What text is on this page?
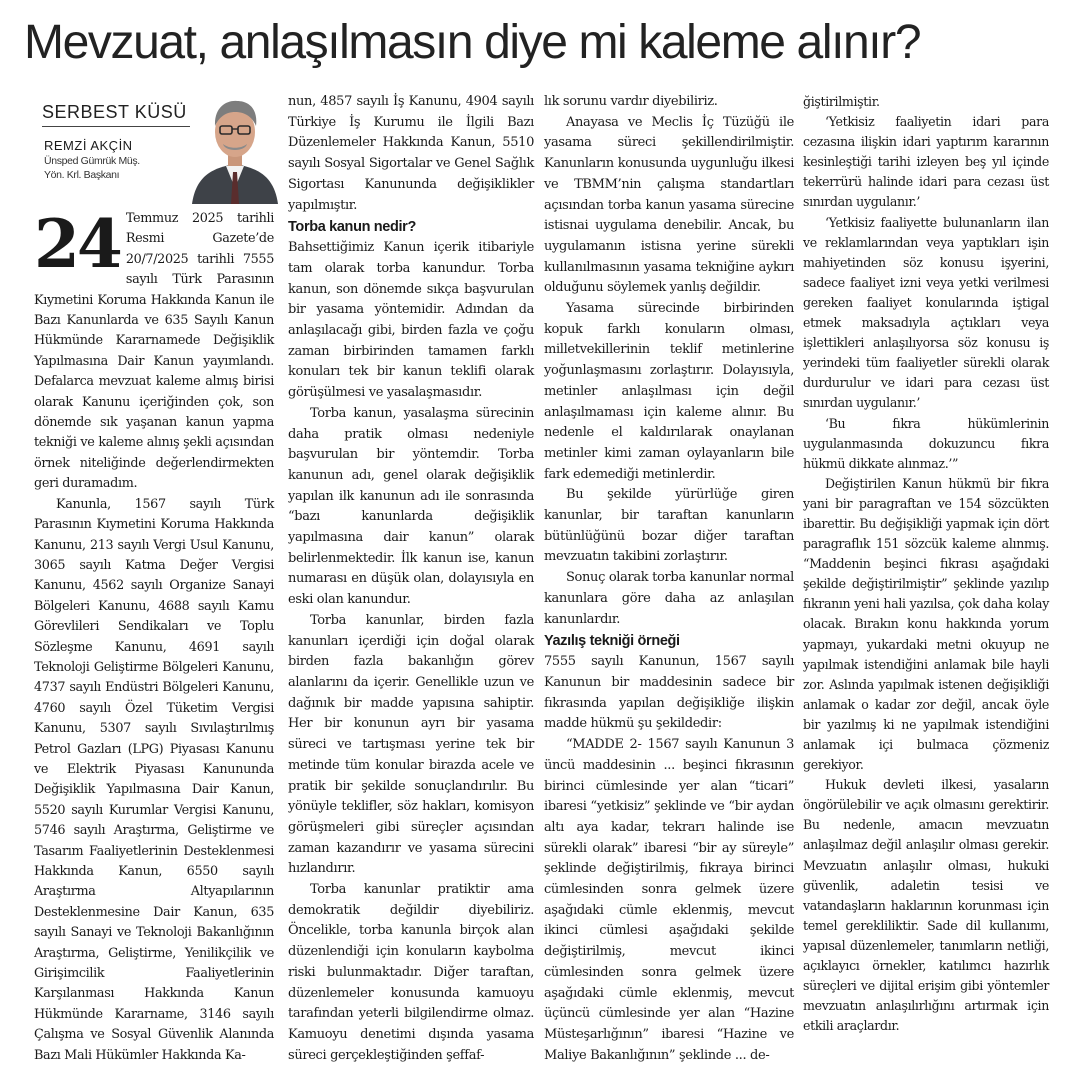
Mevzuat, anlaşılmasın diye mi kaleme alınır?
SERBEST KÜSÜ
REMZİ AKÇİN
Ünsped Gümrük Müş.
Yön. Krl. Başkanı

24 Temmuz 2025 tarihli Resmi Gazete’de 20/7/2025 tarihli 7555 sayılı Türk Parasının Kıymetini Koruma Hakkında Kanun ile Bazı Kanunlarda ve 635 Sayılı Kanun Hükmünde Kararnamede Değişiklik Yapılmasına Dair Kanun yayımlandı. Defalarca mevzuat kaleme almış birisi olarak Kanunu içeriğinden çok, son dönemde sık yaşanan kanun yapma tekniği ve kaleme alınış şekli açısından örnek niteliğinde değerlendirmekten geri duramadım.

Kanunla, 1567 sayılı Türk Parasının Kıymetini Koruma Hakkında Kanunu, 213 sayılı Vergi Usul Kanunu, 3065 sayılı Katma Değer Vergisi Kanunu, 4562 sayılı Organize Sanayi Bölgeleri Kanunu, 4688 sayılı Kamu Görevlileri Sendikaları ve Toplu Sözleşme Kanunu, 4691 sayılı Teknoloji Geliştirme Bölgeleri Kanunu, 4737 sayılı Endüstri Bölgeleri Kanunu, 4760 sayılı Özel Tüketim Vergisi Kanunu, 5307 sayılı Sıvılaştırılmış Petrol Gazları (LPG) Piyasası Kanunu ve Elektrik Piyasası Kanununda Değişiklik Yapılmasına Dair Kanun, 5520 sayılı Kurumlar Vergisi Kanunu, 5746 sayılı Araştırma, Geliştirme ve Tasarım Faaliyetlerinin Desteklenmesi Hakkında Kanun, 6550 sayılı Araştırma Altyapılarının Desteklenmesine Dair Kanun, 635 sayılı Sanayi ve Teknoloji Bakanlığının Araştırma, Geliştirme, Yenilikçilik ve Girişimcilik Faaliyetlerinin Karşılanması Hakkında Kanun Hükmünde Kararname, 3146 sayılı Çalışma ve Sosyal Güvenlik Alanında Bazı Mali Hükümler Hakkında Ka-

nun, 4857 sayılı İş Kanunu, 4904 sayılı Türkiye İş Kurumu ile İlgili Bazı Düzenlemeler Hakkında Kanun, 5510 sayılı Sosyal Sigortalar ve Genel Sağlık Sigortası Kanununda değişiklikler yapılmıştır.

Torba kanun nedir?

Bahsettiğimiz Kanun içerik itibariyle tam olarak torba kanundur. Torba kanun, son dönemde sıkça başvurulan bir yasama yöntemidir. Adından da anlaşılacağı gibi, birden fazla ve çoğu zaman birbirinden tamamen farklı konuları tek bir kanun teklifi olarak görüşülmesi ve yasalaşmasıdır.

Torba kanun, yasalaşma sürecinin daha pratik olması nedeniyle başvurulan bir yöntemdir. Torba kanunun adı, genel olarak değişiklik yapılan ilk kanunun adı ile sonrasında “bazı kanunlarda değişiklik yapılmasına dair kanun” olarak belirlenmektedir. İlk kanun ise, kanun numarası en düşük olan, dolayısıyla en eski olan kanundur.

Torba kanunlar, birden fazla kanunları içerdiği için doğal olarak birden fazla bakanlığın görev alanlarını da içerir. Genellikle uzun ve dağınık bir madde yapısına sahiptir. Her bir konunun ayrı bir yasama süreci ve tartışması yerine tek bir metinde tüm konular birazda acele ve pratik bir şekilde sonuçlandırılır. Bu yönüyle teklifler, söz hakları, komisyon görüşmeleri gibi süreçler açısından zaman kazandırır ve yasama sürecini hızlandırır.

Torba kanunlar pratiktir ama demokratik değildir diyebiliriz. Öncelikle, torba kanunla birçok alan düzenlendiği için konuların kaybolma riski bulunmaktadır. Diğer taraftan, düzenlemeler konusunda kamuoyu tarafından yeterli bilgilendirme olmaz. Kamuoyu denetimi dışında yasama süreci gerçekleştiğinden şeffaf-

lık sorunu vardır diyebiliriz.

Anayasa ve Meclis İç Tüzüğü ile yasama süreci şekillendirilmiştir. Kanunların konusunda uygunluğu ilkesi ve TBMM’nin çalışma standartları açısından torba kanun yasama sürecine istisnai uygulama denebilir. Ancak, bu uygulamanın istisna yerine sürekli kullanılmasının yasama tekniğine aykırı olduğunu söylemek yanlış değildir.

Yasama sürecinde birbirinden kopuk farklı konuların olması, milletvekillerinin teklif metinlerine yoğunlaşmasını zorlaştırır. Dolayısıyla, metinler anlaşılması için değil anlaşılmaması için kaleme alınır. Bu nedenle el kaldırılarak onaylanan metinler kimi zaman oylayanların bile fark edemediği metinlerdir.

Bu şekilde yürürlüğe giren kanunlar, bir taraftan kanunların bütünlüğünü bozar diğer taraftan mevzuatın takibini zorlaştırır.

Sonuç olarak torba kanunlar normal kanunlara göre daha az anlaşılan kanunlardır.

Yazılış tekniği örneği

7555 sayılı Kanunun, 1567 sayılı Kanunun bir maddesinin sadece bir fıkrasında yapılan değişikliğe ilişkin madde hükmü şu şekildedir:

“MADDE 2- 1567 sayılı Kanunun 3 üncü maddesinin ... beşinci fıkrasının birinci cümlesinde yer alan “ticari” ibaresi “yetkisiz” şeklinde ve “bir aydan altı aya kadar, tekrarı halinde ise sürekli olarak” ibaresi “bir ay süreyle” şeklinde değiştirilmiş, fıkraya birinci cümlesinden sonra gelmek üzere aşağıdaki cümle eklenmiş, mevcut ikinci cümlesi aşağıdaki şekilde değiştirilmiş, mevcut ikinci cümlesinden sonra gelmek üzere aşağıdaki cümle eklenmiş, mevcut üçüncü cümlesinde yer alan “Hazine Müsteşarlığının” ibaresi “Hazine ve Maliye Bakanlığının” şeklinde ... de-

ğiştirilmiştir.

‘Yetkisiz faaliyetin idari para cezasına ilişkin idari yaptırım kararının kesinleştiği tarihi izleyen beş yıl içinde tekerrürü halinde idari para cezası üst sınırdan uygulanır.’

‘Yetkisiz faaliyette bulunanların ilan ve reklamlarından veya yaptıkları işin mahiyetinden söz konusu işyerini, sadece faaliyet izni veya yetki verilmesi gereken faaliyet konularında iştigal etmek maksadıyla açtıkları veya işlettikleri anlaşılıyorsa söz konusu iş yerindeki tüm faaliyetler sürekli olarak durdurulur ve idari para cezası üst sınırdan uygulanır.’

‘Bu fıkra hükümlerinin uygulanmasında dokuzuncu fıkra hükmü dikkate alınmaz.’”

Değiştirilen Kanun hükmü bir fıkra yani bir paragraftan ve 154 sözcükten ibarettir. Bu değişikliği yapmak için dört paragraflık 151 sözcük kaleme alınmış. “Maddenin beşinci fıkrası aşağıdaki şekilde değiştirilmiştir” şeklinde yazılıp fıkranın yeni hali yazılsa, çok daha kolay olacak. Bırakın konu hakkında yorum yapmayı, yukardaki metni okuyup ne yapılmak istendiğini anlamak bile hayli zor. Aslında yapılmak istenen değişikliği anlamak o kadar zor değil, ancak öyle bir yazılmış ki ne yapılmak istendiğini anlamak içi bulmaca çözmeniz gerekiyor.

Hukuk devleti ilkesi, yasaların öngörülebilir ve açık olmasını gerektirir. Bu nedenle, amacın mevzuatın anlaşılmaz değil anlaşılır olması gerekir. Mevzuatın anlaşılır olması, hukuki güvenlik, adaletin tesisi ve vatandaşların haklarının korunması için temel gerekliliktir. Sade dil kullanımı, yapısal düzenlemeler, tanımların netliği, açıklayıcı örnekler, katılımcı hazırlık süreçleri ve dijital erişim gibi yöntemler mevzuatın anlaşılırlığını artırmak için etkili araçlardır.
